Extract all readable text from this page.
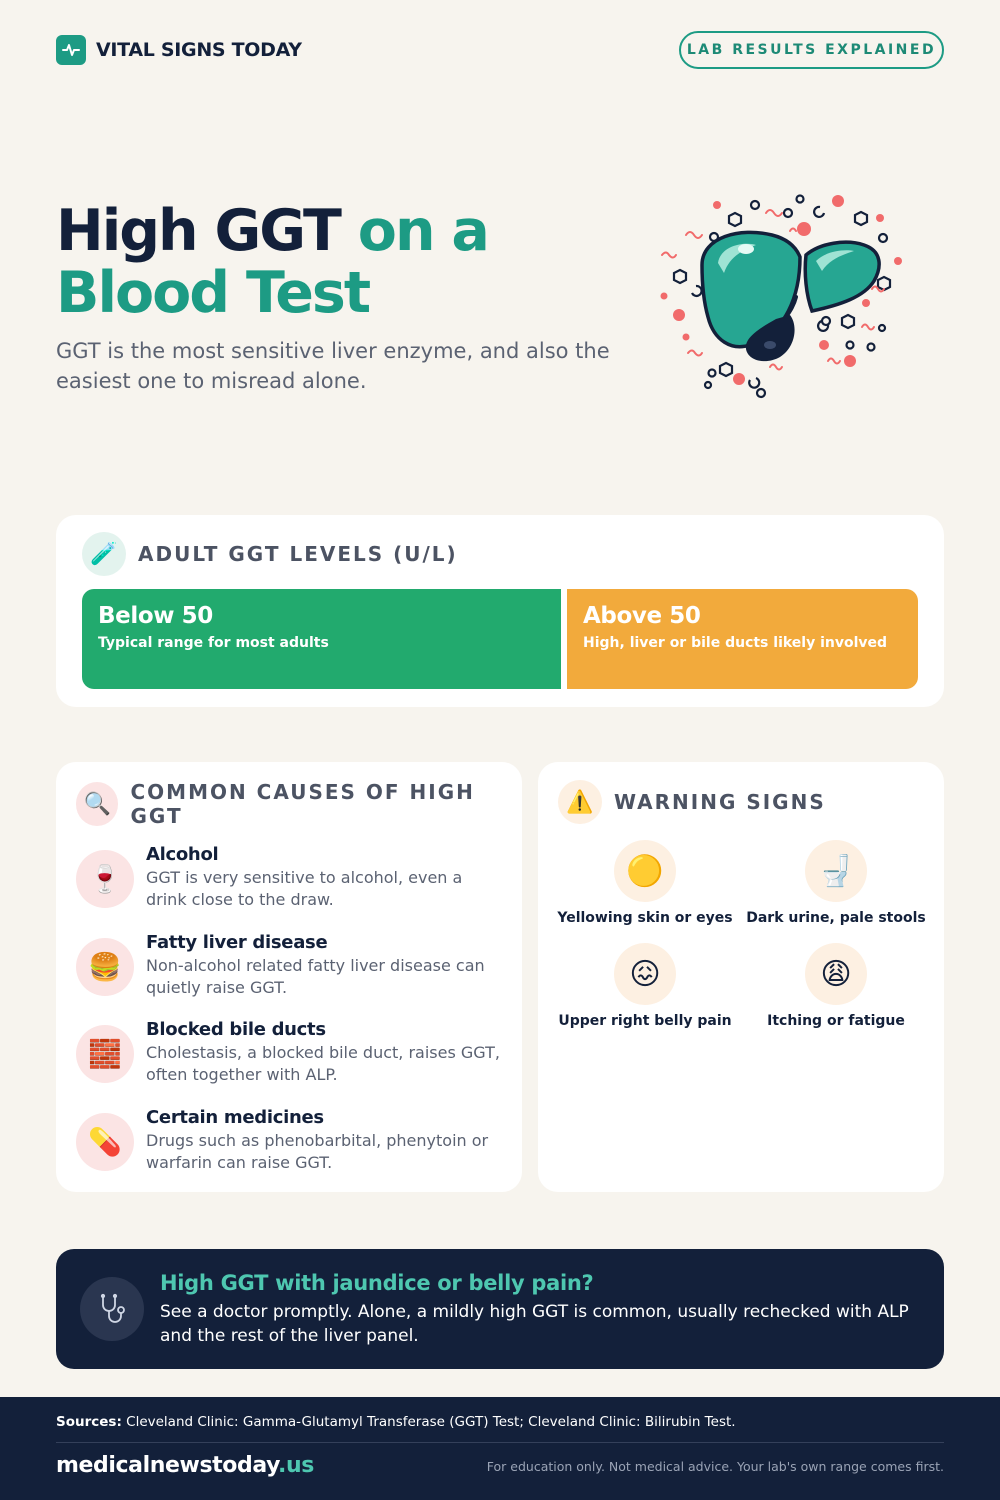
VITAL SIGNS TODAY	LAB RESULTS EXPLAINED
High GGT on a Blood Test

GGT is the most sensitive liver enzyme, and also the easiest one to misread alone.

🧪	ADULT GGT LEVELS (U/L)
Below 50
Typical range for most adults
Above 50
High, liver or bile ducts likely involved
🔍 COMMON CAUSES OF HIGH GGT
🍷
Alcohol
GGT is very sensitive to alcohol, even a drink close to the draw.
🍔
Fatty liver disease
Non-alcohol related fatty liver disease can quietly raise GGT.
🧱
Blocked bile ducts
Cholestasis, a blocked bile duct, raises GGT, often together with ALP.
💊
Certain medicines
Drugs such as phenobarbital, phenytoin or warfarin can raise GGT.
⚠️	WARNING SIGNS
🟡
Yellowing skin or eyes
🚽
Dark urine, pale stools
😖
Upper right belly pain
😩
Itching or fatigue
High GGT with jaundice or belly pain?
See a doctor promptly. Alone, a mildly high GGT is common, usually rechecked with ALP and the rest of the liver panel.
Sources: Cleveland Clinic: Gamma-Glutamyl Transferase (GGT) Test; Cleveland Clinic: Bilirubin Test.
medicalnewstoday.us	For education only. Not medical advice. Your lab's own range comes first.
